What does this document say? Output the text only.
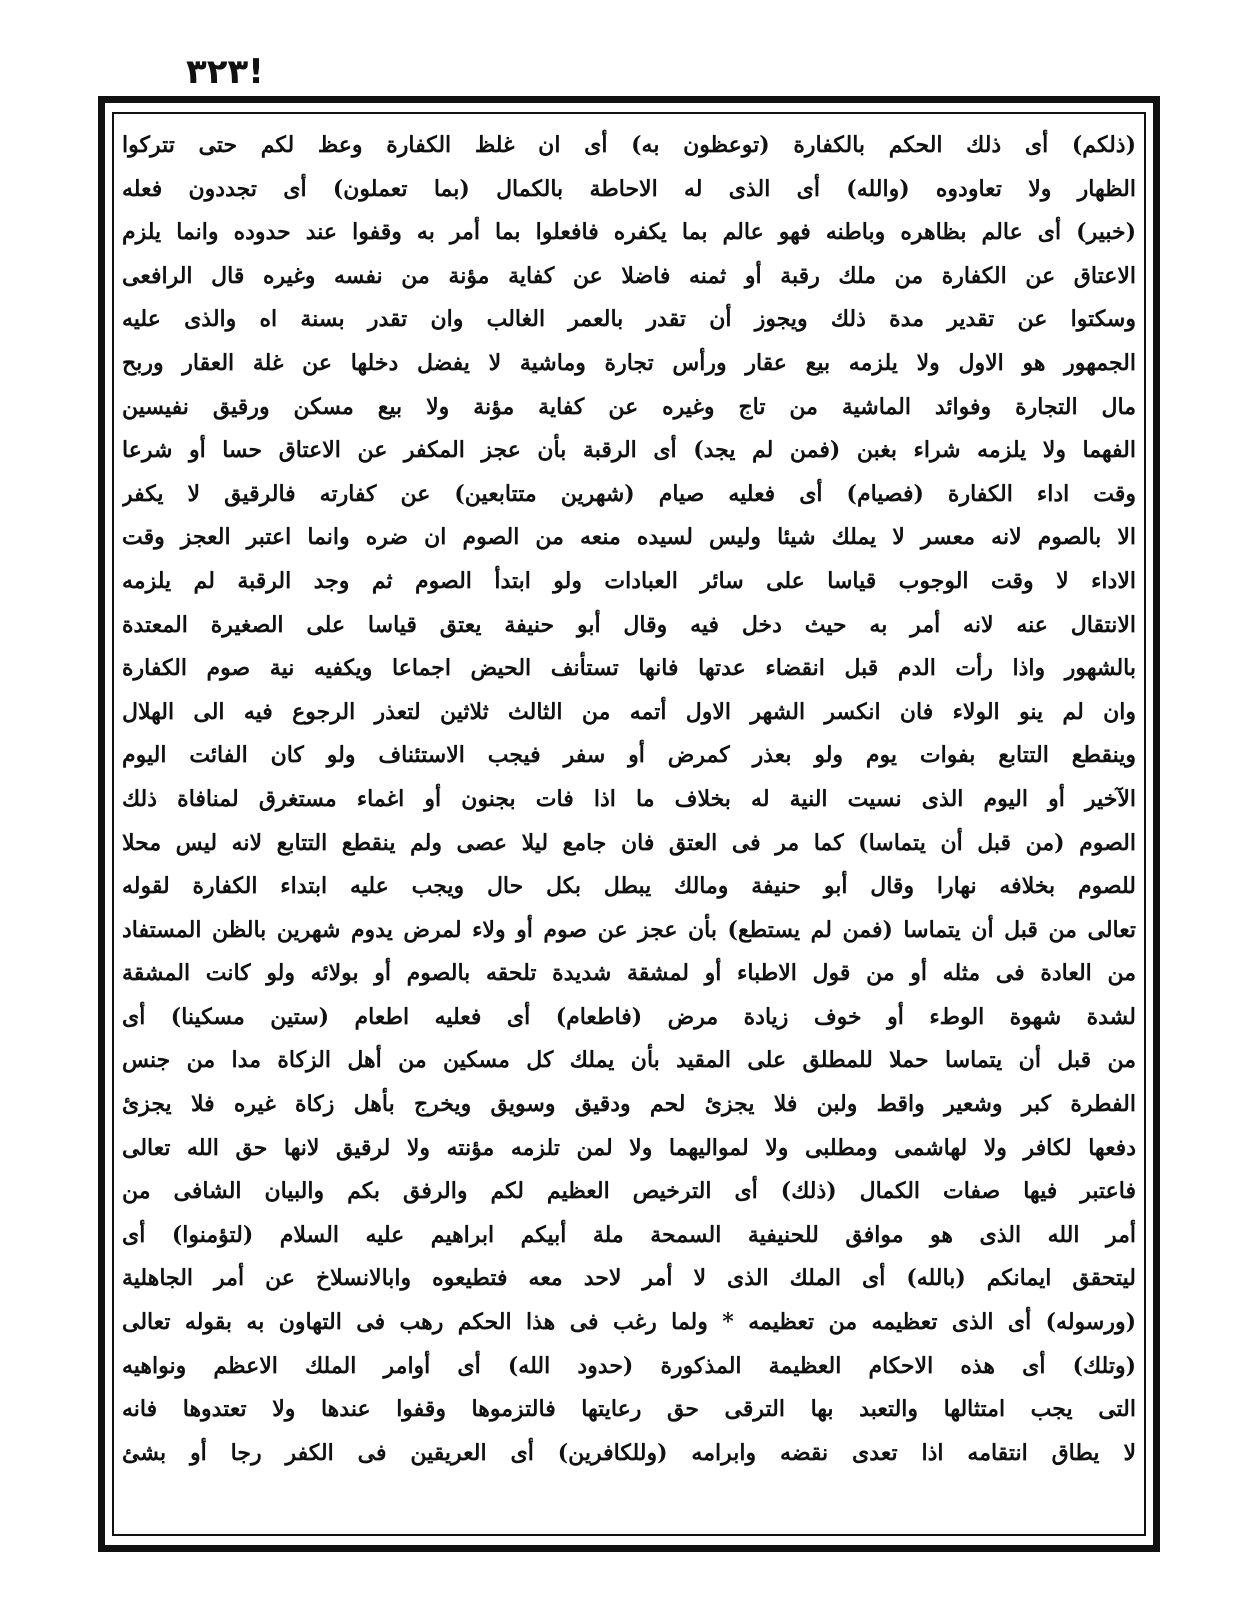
!٣٢٣
(ذلكم) أى ذلك الحكم بالكفارة (توعظون به) أى ان غلظ الكفارة وعظ لكم حتى تتركوا
الظهار ولا تعاودوه (والله) أى الذى له الاحاطة بالكمال (بما تعملون) أى تجددون فعله
(خبير) أى عالم بظاهره وباطنه فهو عالم بما يكفره فافعلوا بما أمر به وقفوا عند حدوده وانما يلزم
الاعتاق عن الكفارة من ملك رقبة أو ثمنه فاضلا عن كفاية مؤنة من نفسه وغيره قال الرافعى
وسكتوا عن تقدير مدة ذلك ويجوز أن تقدر بالعمر الغالب وان تقدر بسنة اه والذى عليه
الجمهور هو الاول ولا يلزمه بيع عقار ورأس تجارة وماشية لا يفضل دخلها عن غلة العقار وربح
مال التجارة وفوائد الماشية من تاج وغيره عن كفاية مؤنة ولا بيع مسكن ورقيق نفيسين
الفهما ولا يلزمه شراء بغبن (فمن لم يجد) أى الرقبة بأن عجز المكفر عن الاعتاق حسا أو شرعا
وقت اداء الكفارة (فصيام) أى فعليه صيام (شهرين متتابعين) عن كفارته فالرقيق لا يكفر
الا بالصوم لانه معسر لا يملك شيئا وليس لسيده منعه من الصوم ان ضره وانما اعتبر العجز وقت
الاداء لا وقت الوجوب قياسا على سائر العبادات ولو ابتدأ الصوم ثم وجد الرقبة لم يلزمه
الانتقال عنه لانه أمر به حيث دخل فيه وقال أبو حنيفة يعتق قياسا على الصغيرة المعتدة
بالشهور واذا رأت الدم قبل انقضاء عدتها فانها تستأنف الحيض اجماعا ويكفيه نية صوم الكفارة
وان لم ينو الولاء فان انكسر الشهر الاول أتمه من الثالث ثلاثين لتعذر الرجوع فيه الى الهلال
وينقطع التتابع بفوات يوم ولو بعذر كمرض أو سفر فيجب الاستئناف ولو كان الفائت اليوم
الآخير أو اليوم الذى نسيت النية له بخلاف ما اذا فات بجنون أو اغماء مستغرق لمنافاة ذلك
الصوم (من قبل أن يتماسا) كما مر فى العتق فان جامع ليلا عصى ولم ينقطع التتابع لانه ليس محلا
للصوم بخلافه نهارا وقال أبو حنيفة ومالك يبطل بكل حال ويجب عليه ابتداء الكفارة لقوله
تعالى من قبل أن يتماسا (فمن لم يستطع) بأن عجز عن صوم أو ولاء لمرض يدوم شهرين بالظن المستفاد
من العادة فى مثله أو من قول الاطباء أو لمشقة شديدة تلحقه بالصوم أو بولائه ولو كانت المشقة
لشدة شهوة الوطء أو خوف زيادة مرض (فاطعام) أى فعليه اطعام (ستين مسكينا) أى
من قبل أن يتماسا حملا للمطلق على المقيد بأن يملك كل مسكين من أهل الزكاة مدا من جنس
الفطرة كبر وشعير واقط ولبن فلا يجزئ لحم ودقيق وسويق ويخرج بأهل زكاة غيره فلا يجزئ
دفعها لكافر ولا لهاشمى ومطلبى ولا لمواليهما ولا لمن تلزمه مؤنته ولا لرقيق لانها حق الله تعالى
فاعتبر فيها صفات الكمال (ذلك) أى الترخيص العظيم لكم والرفق بكم والبيان الشافى من
أمر الله الذى هو موافق للحنيفية السمحة ملة أبيكم ابراهيم عليه السلام (لتؤمنوا) أى
ليتحقق ايمانكم (بالله) أى الملك الذى لا أمر لاحد معه فتطيعوه وابالانسلاخ عن أمر الجاهلية
(ورسوله) أى الذى تعظيمه من تعظيمه * ولما رغب فى هذا الحكم رهب فى التهاون به بقوله تعالى
(وتلك) أى هذه الاحكام العظيمة المذكورة (حدود الله) أى أوامر الملك الاعظم ونواهيه
التى يجب امتثالها والتعبد بها الترقى حق رعايتها فالتزموها وقفوا عندها ولا تعتدوها فانه
لا يطاق انتقامه اذا تعدى نقضه وابرامه (وللكافرين) أى العريقين فى الكفر رجا أو بشئ
